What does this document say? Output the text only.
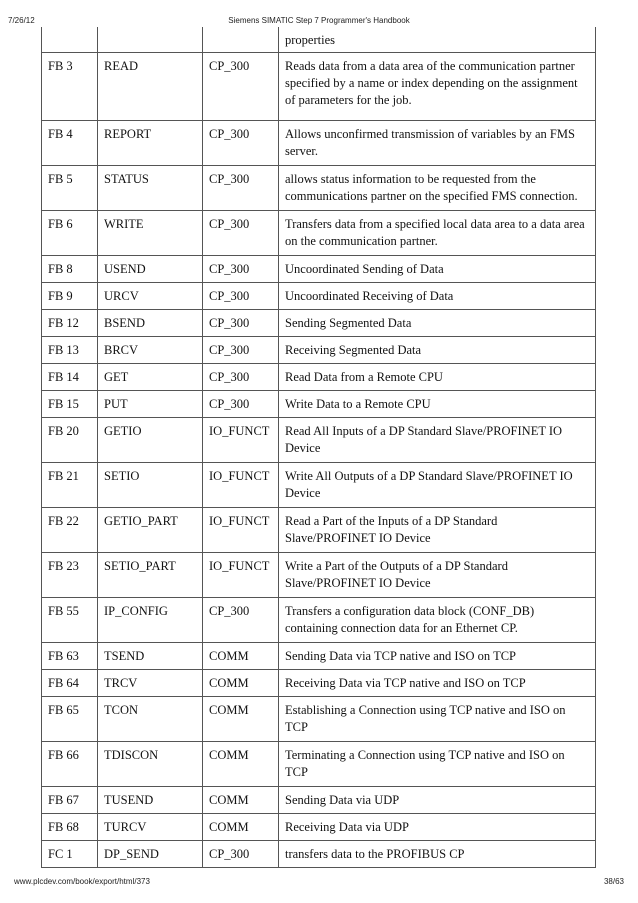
7/26/12	Siemens SIMATIC Step 7 Programmer's Handbook
			properties
FB 3	READ	CP_300	Reads data from a data area of the communication partner specified by a name or index depending on the assignment of parameters for the job.
FB 4	REPORT	CP_300	Allows unconfirmed transmission of variables by an FMS server.
FB 5	STATUS	CP_300	allows status information to be requested from the communications partner on the specified FMS connection.
FB 6	WRITE	CP_300	Transfers data from a specified local data area to a data area on the communication partner.
FB 8	USEND	CP_300	Uncoordinated Sending of Data
FB 9	URCV	CP_300	Uncoordinated Receiving of Data
FB 12	BSEND	CP_300	Sending Segmented Data
FB 13	BRCV	CP_300	Receiving Segmented Data
FB 14	GET	CP_300	Read Data from a Remote CPU
FB 15	PUT	CP_300	Write Data to a Remote CPU
FB 20	GETIO	IO_FUNCT	Read All Inputs of a DP Standard Slave/PROFINET IO Device
FB 21	SETIO	IO_FUNCT	Write All Outputs of a DP Standard Slave/PROFINET IO Device
FB 22	GETIO_PART	IO_FUNCT	Read a Part of the Inputs of a DP Standard Slave/PROFINET IO Device
FB 23	SETIO_PART	IO_FUNCT	Write a Part of the Outputs of a DP Standard Slave/PROFINET IO Device
FB 55	IP_CONFIG	CP_300	Transfers a configuration data block (CONF_DB) containing connection data for an Ethernet CP.
FB 63	TSEND	COMM	Sending Data via TCP native and ISO on TCP
FB 64	TRCV	COMM	Receiving Data via TCP native and ISO on TCP
FB 65	TCON	COMM	Establishing a Connection using TCP native and ISO on TCP
FB 66	TDISCON	COMM	Terminating a Connection using TCP native and ISO on TCP
FB 67	TUSEND	COMM	Sending Data via UDP
FB 68	TURCV	COMM	Receiving Data via UDP
FC 1	DP_SEND	CP_300	transfers data to the PROFIBUS CP
www.plcdev.com/book/export/html/373	38/63
